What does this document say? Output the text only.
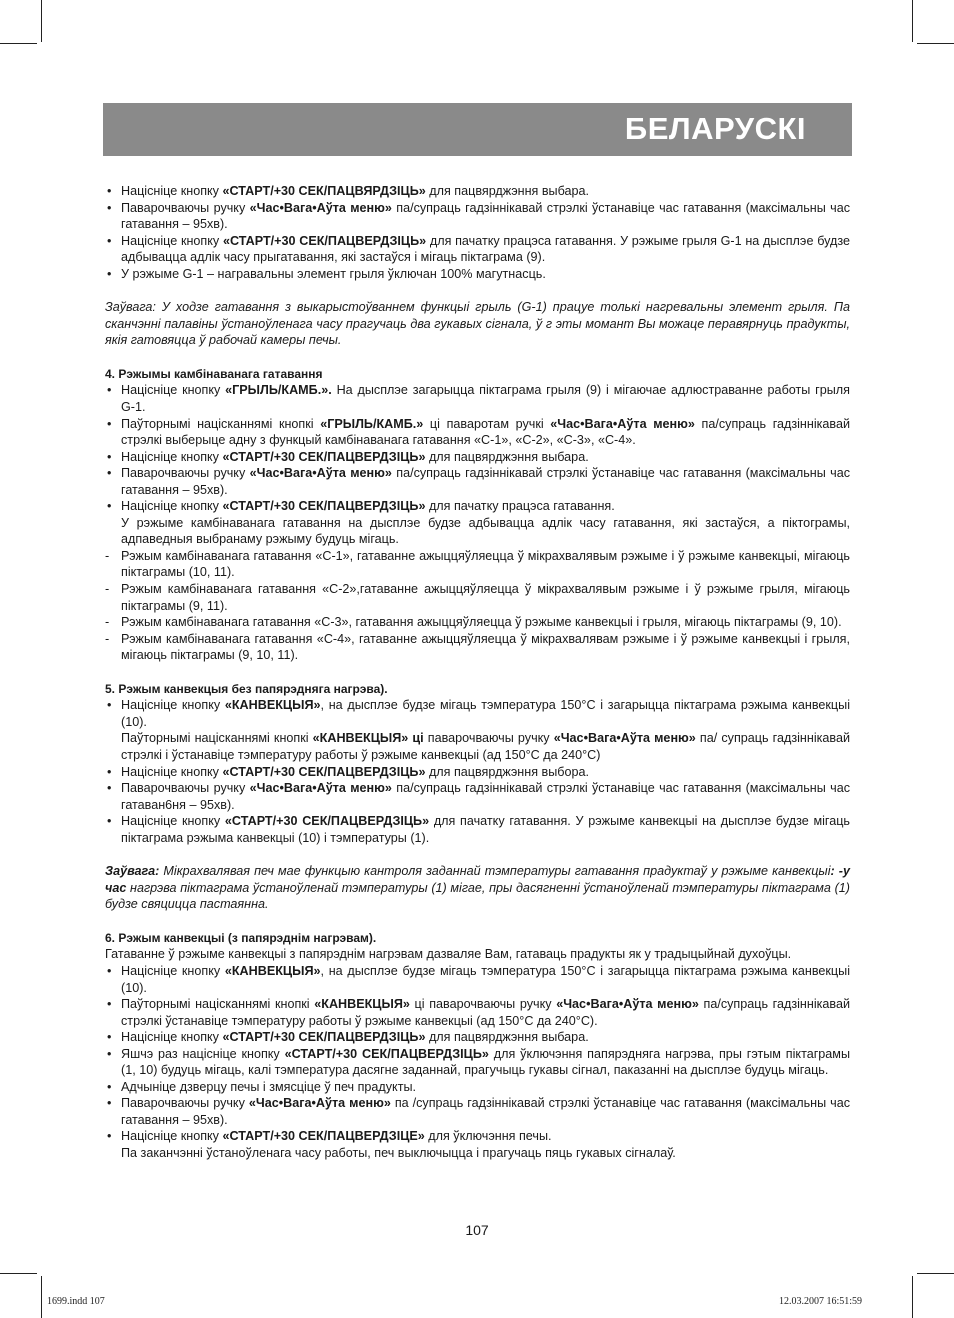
БЕЛАРУСКІ
• Націсніце кнопку «СТАРТ/+30 СЕК/ПАЦВЯРДЗІЦЬ» для пацвярджэння выбара.
• Паварочваючы ручку «Час•Вага•Аўта меню» па/супраць гадзіннікавай стрэлкі ўстанавіце час гатавання (максімальны час гатавання – 95хв).
• Націсніце кнопку «СТАРТ/+30 СЕК/ПАЦВЕРДЗІЦЬ» для пачатку працэса гатавання. У рэжыме грыля G-1 на дысплэе будзе адбывацца адлік часу прыгатавання, які застаўся і мігаць піктаграма (9).
• У рэжыме G-1 – награвальны элемент грыля ўключан 100% магутнасць.
Заўвага: У ходзе гатавання з выкарыстоўваннем функцыі грыль (G-1) працуе толькі нагревальны элемент грыля. Па сканчэнні палавіны ўстаноўленага часу прагучаць два гукавых сігнала, ў г эты момант Вы можаце перавярнуць прадукты, якія гатовяцца ў рабочай камеры печы.
4. Рэжымы камбінаванага гатавання
• Націсніце кнопку «ГРЫЛЬ/КАМБ.». На дысплэе загарыцца піктаграма грыля (9) і мігаючае адлюстраванне работы грыля G-1.
• Паўторнымі націсканнямі кнопкі «ГРЫЛЬ/КАМБ.» ці паваротам ручкі «Час•Вага•Аўта меню» па/супраць гадзіннікавай стрэлкі выберыце адну з функцый камбінаванага гатавання «C-1», «C-2», «C-3», «C-4».
• Націсніце кнопку «СТАРТ/+30 СЕК/ПАЦВЕРДЗІЦЬ» для пацвярджэння выбара.
• Паварочваючы ручку «Час•Вага•Аўта меню» па/супраць гадзіннікавай стрэлкі ўстанавіце час гатавання (максімальны час гатавання – 95хв).
• Націсніце кнопку «СТАРТ/+30 СЕК/ПАЦВЕРДЗІЦЬ» для пачатку працэса гатавання.
У рэжыме камбінаванага гатавання на дысплэе будзе адбывацца адлік часу гатавання, які застаўся, а піктограмы, адпаведныя выбранаму рэжыму будуць мігаць.
- Рэжым камбінаванага гатавання «C-1», гатаванне ажыццяўляецца ў мікрахвалявым рэжыме і ў рэжыме канвекцыі, мігаюць піктаграмы (10, 11).
- Рэжым камбінаванага гатавання «C-2»,гатаванне ажыццяўляецца ў мікрахвалявым рэжыме і ў рэжыме грыля, мігаюць піктаграмы (9, 11).
- Рэжым камбінаванага гатавання «C-3», гатавання ажыццяўляецца ў рэжыме канвекцыі і грыля, мігаюць піктаграмы (9, 10).
- Рэжым камбінаванага гатавання «C-4», гатаванне ажыццяўляецца ў мікрахвалявам рэжыме і ў рэжыме канвекцыі і грыля, мігаюць піктаграмы (9, 10, 11).
5. Рэжым канвекцыя без папярэдняга нагрэва).
• Націсніце кнопку «КАНВЕКЦЫЯ», на дысплэе будзе мігаць тэмпература 150°С і загарыцца піктаграма рэжыма канвекцыі (10).
Паўторнымі націсканнямі кнопкі «КАНВЕКЦЫЯ» ці паварочваючы ручку «Час•Вага•Аўта меню» па/ супраць гадзіннікавай стрэлкі і ўстанавіце тэмпературу работы ў рэжыме канвекцыі (ад 150°С да 240°С)
• Націсніце кнопку «СТАРТ/+30 СЕК/ПАЦВЕРДЗІЦЬ» для пацвярджэння выбора.
• Паварочваючы ручку «Час•Вага•Аўта меню» па/супраць гадзіннікавай стрэлкі ўстанавіце час гатавання (максімальны час гатаван6ня – 95хв).
• Націсніце кнопку «СТАРТ/+30 СЕК/ПАЦВЕРДЗІЦЬ» для пачатку гатавання. У рэжыме канвекцыі на дысплэе будзе мігаць піктаграма рэжыма канвекцыі (10) і тэмпературы (1).
Заўвага: Мікрахвалявая печ мае функцыю кантроля заданнай тэмпературы гатавання прадуктаў у рэжыме канвекцыі: -у час нагрэва піктаграма ўстаноўленай тэмпературы (1) мігае, пры дасягненні ўстаноўленай тэмпературы піктаграма (1) будзе свяцицца пастаянна.
6. Рэжым канвекцыі (з папярэднім нагрэвам).
Гатаванне ў рэжыме канвекцыі з папярэднім нагрэвам дазваляе Вам, гатаваць прадукты як у традыцыйнай духоўцы.
• Націсніце кнопку «КАНВЕКЦЫЯ», на дысплэе будзе мігаць тэмпература 150°С і загарыцца піктаграма рэжыма канвекцыі (10).
• Паўторнымі націсканнямі кнопкі «КАНВЕКЦЫЯ» ці паварочваючы ручку «Час•Вага•Аўта меню» па/супраць гадзіннікавай стрэлкі ўстанавіце тэмпературу работы ў рэжыме канвекцыі (ад 150°С да 240°С).
• Націсніце кнопку «СТАРТ/+30 СЕК/ПАЦВЕРДЗІЦЬ» для пацвярджэння выбара.
• Яшчэ раз націсніце кнопку «СТАРТ/+30 СЕК/ПАЦВЕРДЗІЦЬ» для ўключэння папярэдняга нагрэва, пры гэтым піктаграмы (1, 10) будуць мігаць, калі тэмпература дасягне заданнай, прагучыць гукавы сігнал, паказанні на дысплэе будуць мігаць.
• Адчыніце дзверцу печы і змясціце ў печ прадукты.
• Паварочваючы ручку «Час•Вага•Аўта меню» па /супраць гадзіннікавай стрэлкі ўстанавіце час гатавання (максімальны час гатавання – 95хв).
• Націсніце кнопку «СТАРТ/+30 СЕК/ПАЦВЕРДЗІЦЕ» для ўключэння печы.
Па заканчэнні ўстаноўленага часу работы, печ выключыцца і прагучаць пяць гукавых сігналаў.
107
1699.indd 107	12.03.2007 16:51:59
